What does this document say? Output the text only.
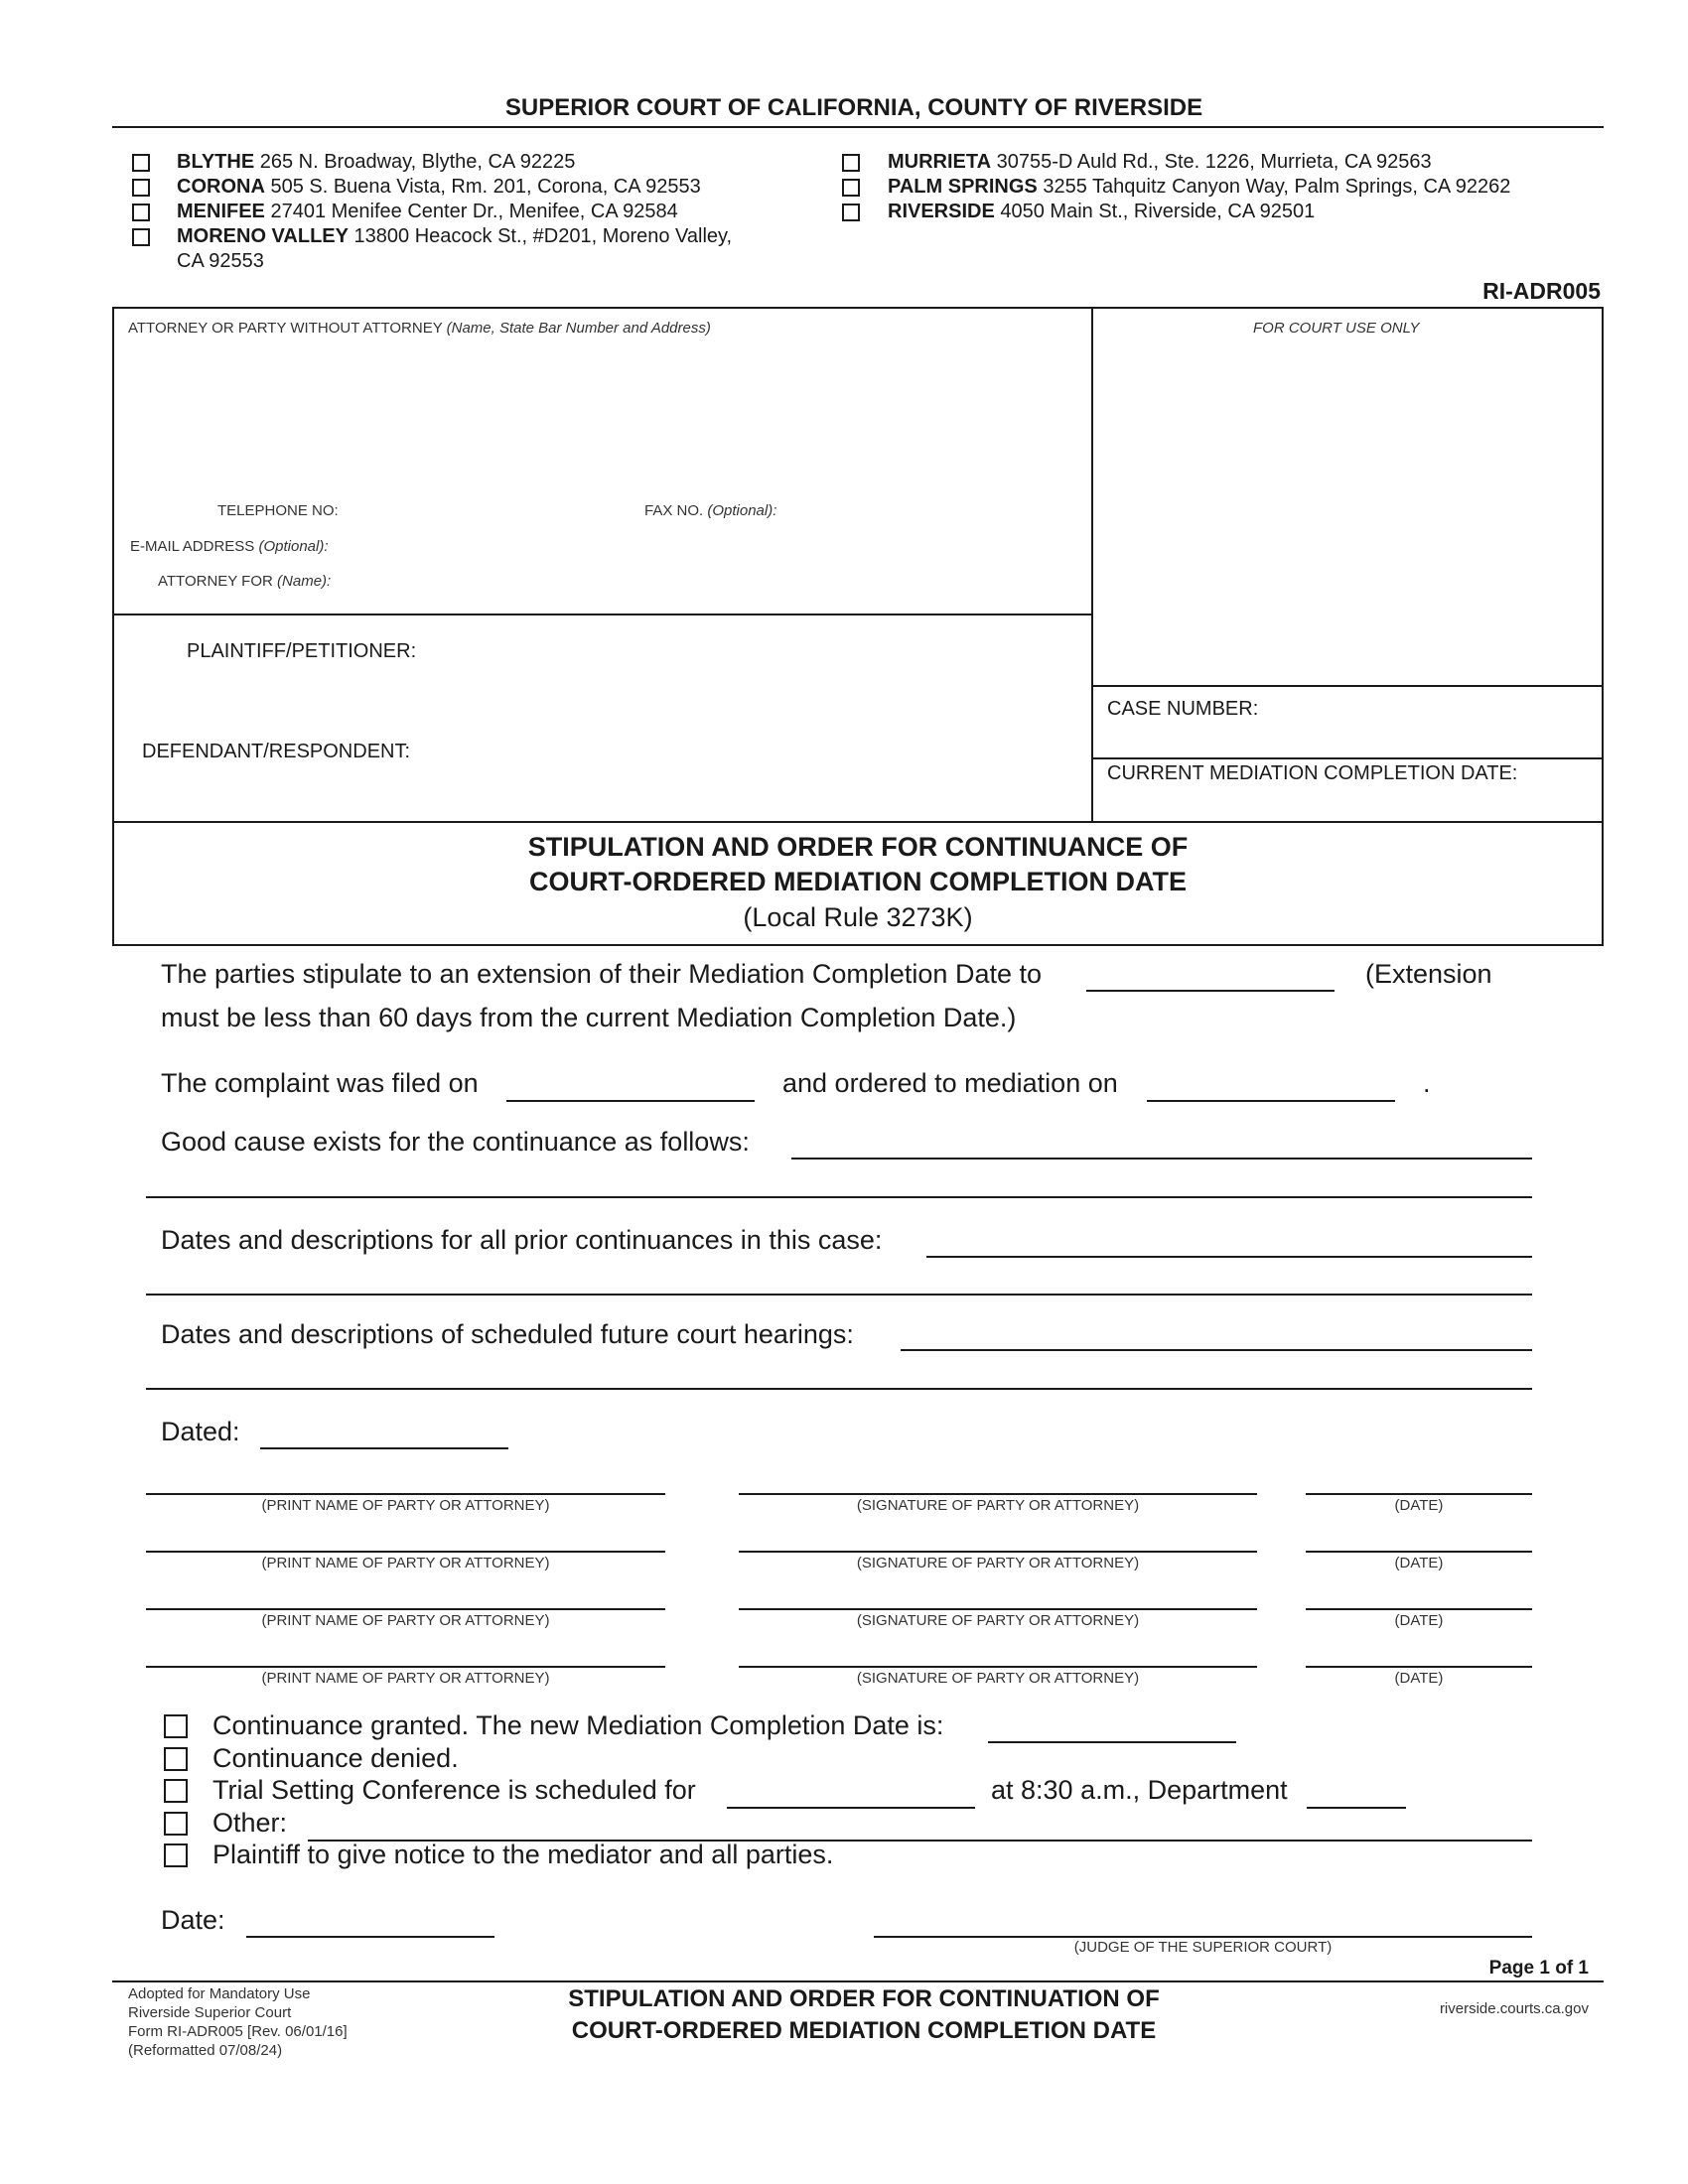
SUPERIOR COURT OF CALIFORNIA, COUNTY OF RIVERSIDE
BLYTHE 265 N. Broadway, Blythe, CA 92225
CORONA 505 S. Buena Vista, Rm. 201, Corona, CA 92553
MENIFEE 27401 Menifee Center Dr., Menifee, CA 92584
MORENO VALLEY 13800 Heacock St., #D201, Moreno Valley,
CA 92553
MURRIETA 30755-D Auld Rd., Ste. 1226, Murrieta, CA 92563
PALM SPRINGS 3255 Tahquitz Canyon Way, Palm Springs, CA 92262
RIVERSIDE 4050 Main St., Riverside, CA 92501
RI-ADR005
ATTORNEY OR PARTY WITHOUT ATTORNEY (Name, State Bar Number and Address)	FOR COURT USE ONLY
TELEPHONE NO:	FAX NO. (Optional):
E-MAIL ADDRESS (Optional):
ATTORNEY FOR (Name):
PLAINTIFF/PETITIONER:
DEFENDANT/RESPONDENT:
CASE NUMBER:
CURRENT MEDIATION COMPLETION DATE:
STIPULATION AND ORDER FOR CONTINUANCE OF
COURT-ORDERED MEDIATION COMPLETION DATE
(Local Rule 3273K)
The parties stipulate to an extension of their Mediation Completion Date to	(Extension
must be less than 60 days from the current Mediation Completion Date.)
The complaint was filed on	and ordered to mediation on	.
Good cause exists for the continuance as follows:
Dates and descriptions for all prior continuances in this case:
Dates and descriptions of scheduled future court hearings:
Dated:
(PRINT NAME OF PARTY OR ATTORNEY)	(SIGNATURE OF PARTY OR ATTORNEY)	(DATE)
(PRINT NAME OF PARTY OR ATTORNEY)	(SIGNATURE OF PARTY OR ATTORNEY)	(DATE)
(PRINT NAME OF PARTY OR ATTORNEY)	(SIGNATURE OF PARTY OR ATTORNEY)	(DATE)
(PRINT NAME OF PARTY OR ATTORNEY)	(SIGNATURE OF PARTY OR ATTORNEY)	(DATE)
Continuance granted. The new Mediation Completion Date is:
Continuance denied.
Trial Setting Conference is scheduled for	at 8:30 a.m., Department
Other:
Plaintiff to give notice to the mediator and all parties.
Date:
(JUDGE OF THE SUPERIOR COURT)
Page 1 of 1
Adopted for Mandatory Use
Riverside Superior Court
Form RI-ADR005 [Rev. 06/01/16]
(Reformatted 07/08/24)
STIPULATION AND ORDER FOR CONTINUATION OF
COURT-ORDERED MEDIATION COMPLETION DATE
riverside.courts.ca.gov
